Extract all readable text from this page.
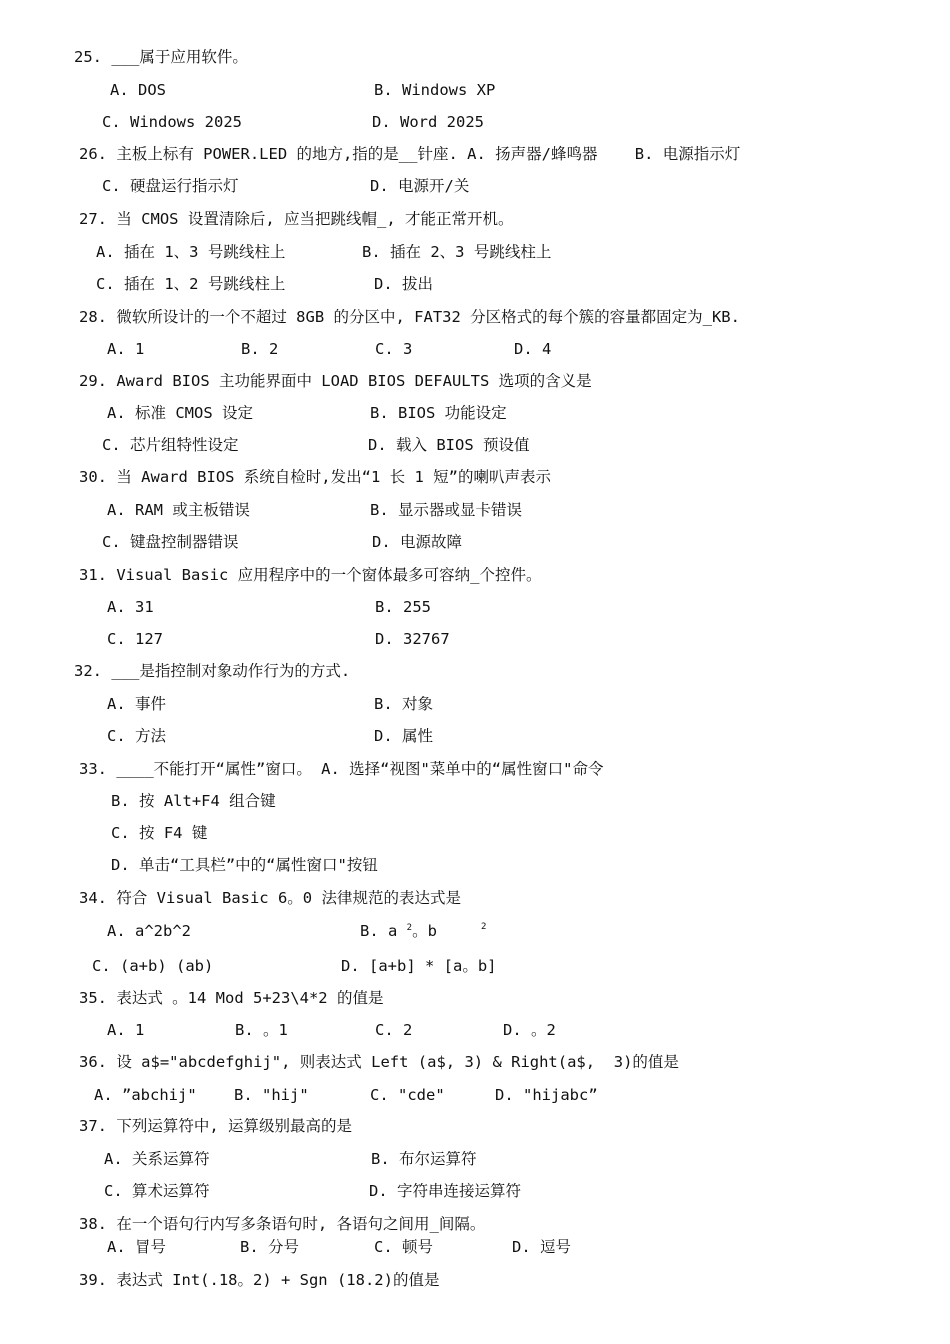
25. ___属于应用软件。
A. DOS	B. Windows XP
C. Windows 2025	D. Word 2025
26. 主板上标有 POWER.LED 的地方,指的是__针座. A. 扬声器/蜂鸣器    B. 电源指示灯
C. 硬盘运行指示灯	D. 电源开/关
27. 当 CMOS 设置清除后, 应当把跳线帽_, 才能正常开机。
A. 插在 1、3 号跳线柱上	B. 插在 2、3 号跳线柱上
C. 插在 1、2 号跳线柱上	D. 拔出
28. 微软所设计的一个不超过 8GB 的分区中, FAT32 分区格式的每个簇的容量都固定为_KB.
A. 1	B. 2	C. 3	D. 4
29. Award BIOS 主功能界面中 LOAD BIOS DEFAULTS 选项的含义是
A. 标准 CMOS 设定	B. BIOS 功能设定
C. 芯片组特性设定	D. 载入 BIOS 预设值
30. 当 Award BIOS 系统自检时,发出“1 长 1 短”的喇叭声表示
A. RAM 或主板错误	B. 显示器或显卡错误
C. 键盘控制器错误	D. 电源故障
31. Visual Basic 应用程序中的一个窗体最多可容纳_个控件。
A. 31	B. 255
C. 127	D. 32767
32. ___是指控制对象动作行为的方式.
A. 事件	B. 对象
C. 方法	D. 属性
33. ____不能打开“属性”窗口。 A. 选择“视图"菜单中的“属性窗口"命令
B. 按 Alt+F4 组合键
C. 按 F4 键
D. 单击“工具栏”中的“属性窗口"按钮
34. 符合 Visual Basic 6。0 法律规范的表达式是
A. a^2b^2	B. a $^2$。b	2
C. (a+b) (ab)	D. [a+b] * [a。b]
35. 表达式 。14 Mod 5+23\4*2 的值是
A. 1	B. 。1	C. 2	D. 。2
36. 设 a$="abcdefghij", 则表达式 Left (a$, 3) & Right(a$,  3)的值是
A. ”abchij" B. "hij"	C. "cde"	D. "hijabc”
37. 下列运算符中, 运算级别最高的是
A. 关系运算符	B. 布尔运算符
C. 算术运算符	D. 字符串连接运算符
38. 在一个语句行内写多条语句时, 各语句之间用_间隔。
A. 冒号	B. 分号	C. 顿号	D. 逗号
39. 表达式 Int(.18。2) + Sgn (18.2)的值是
